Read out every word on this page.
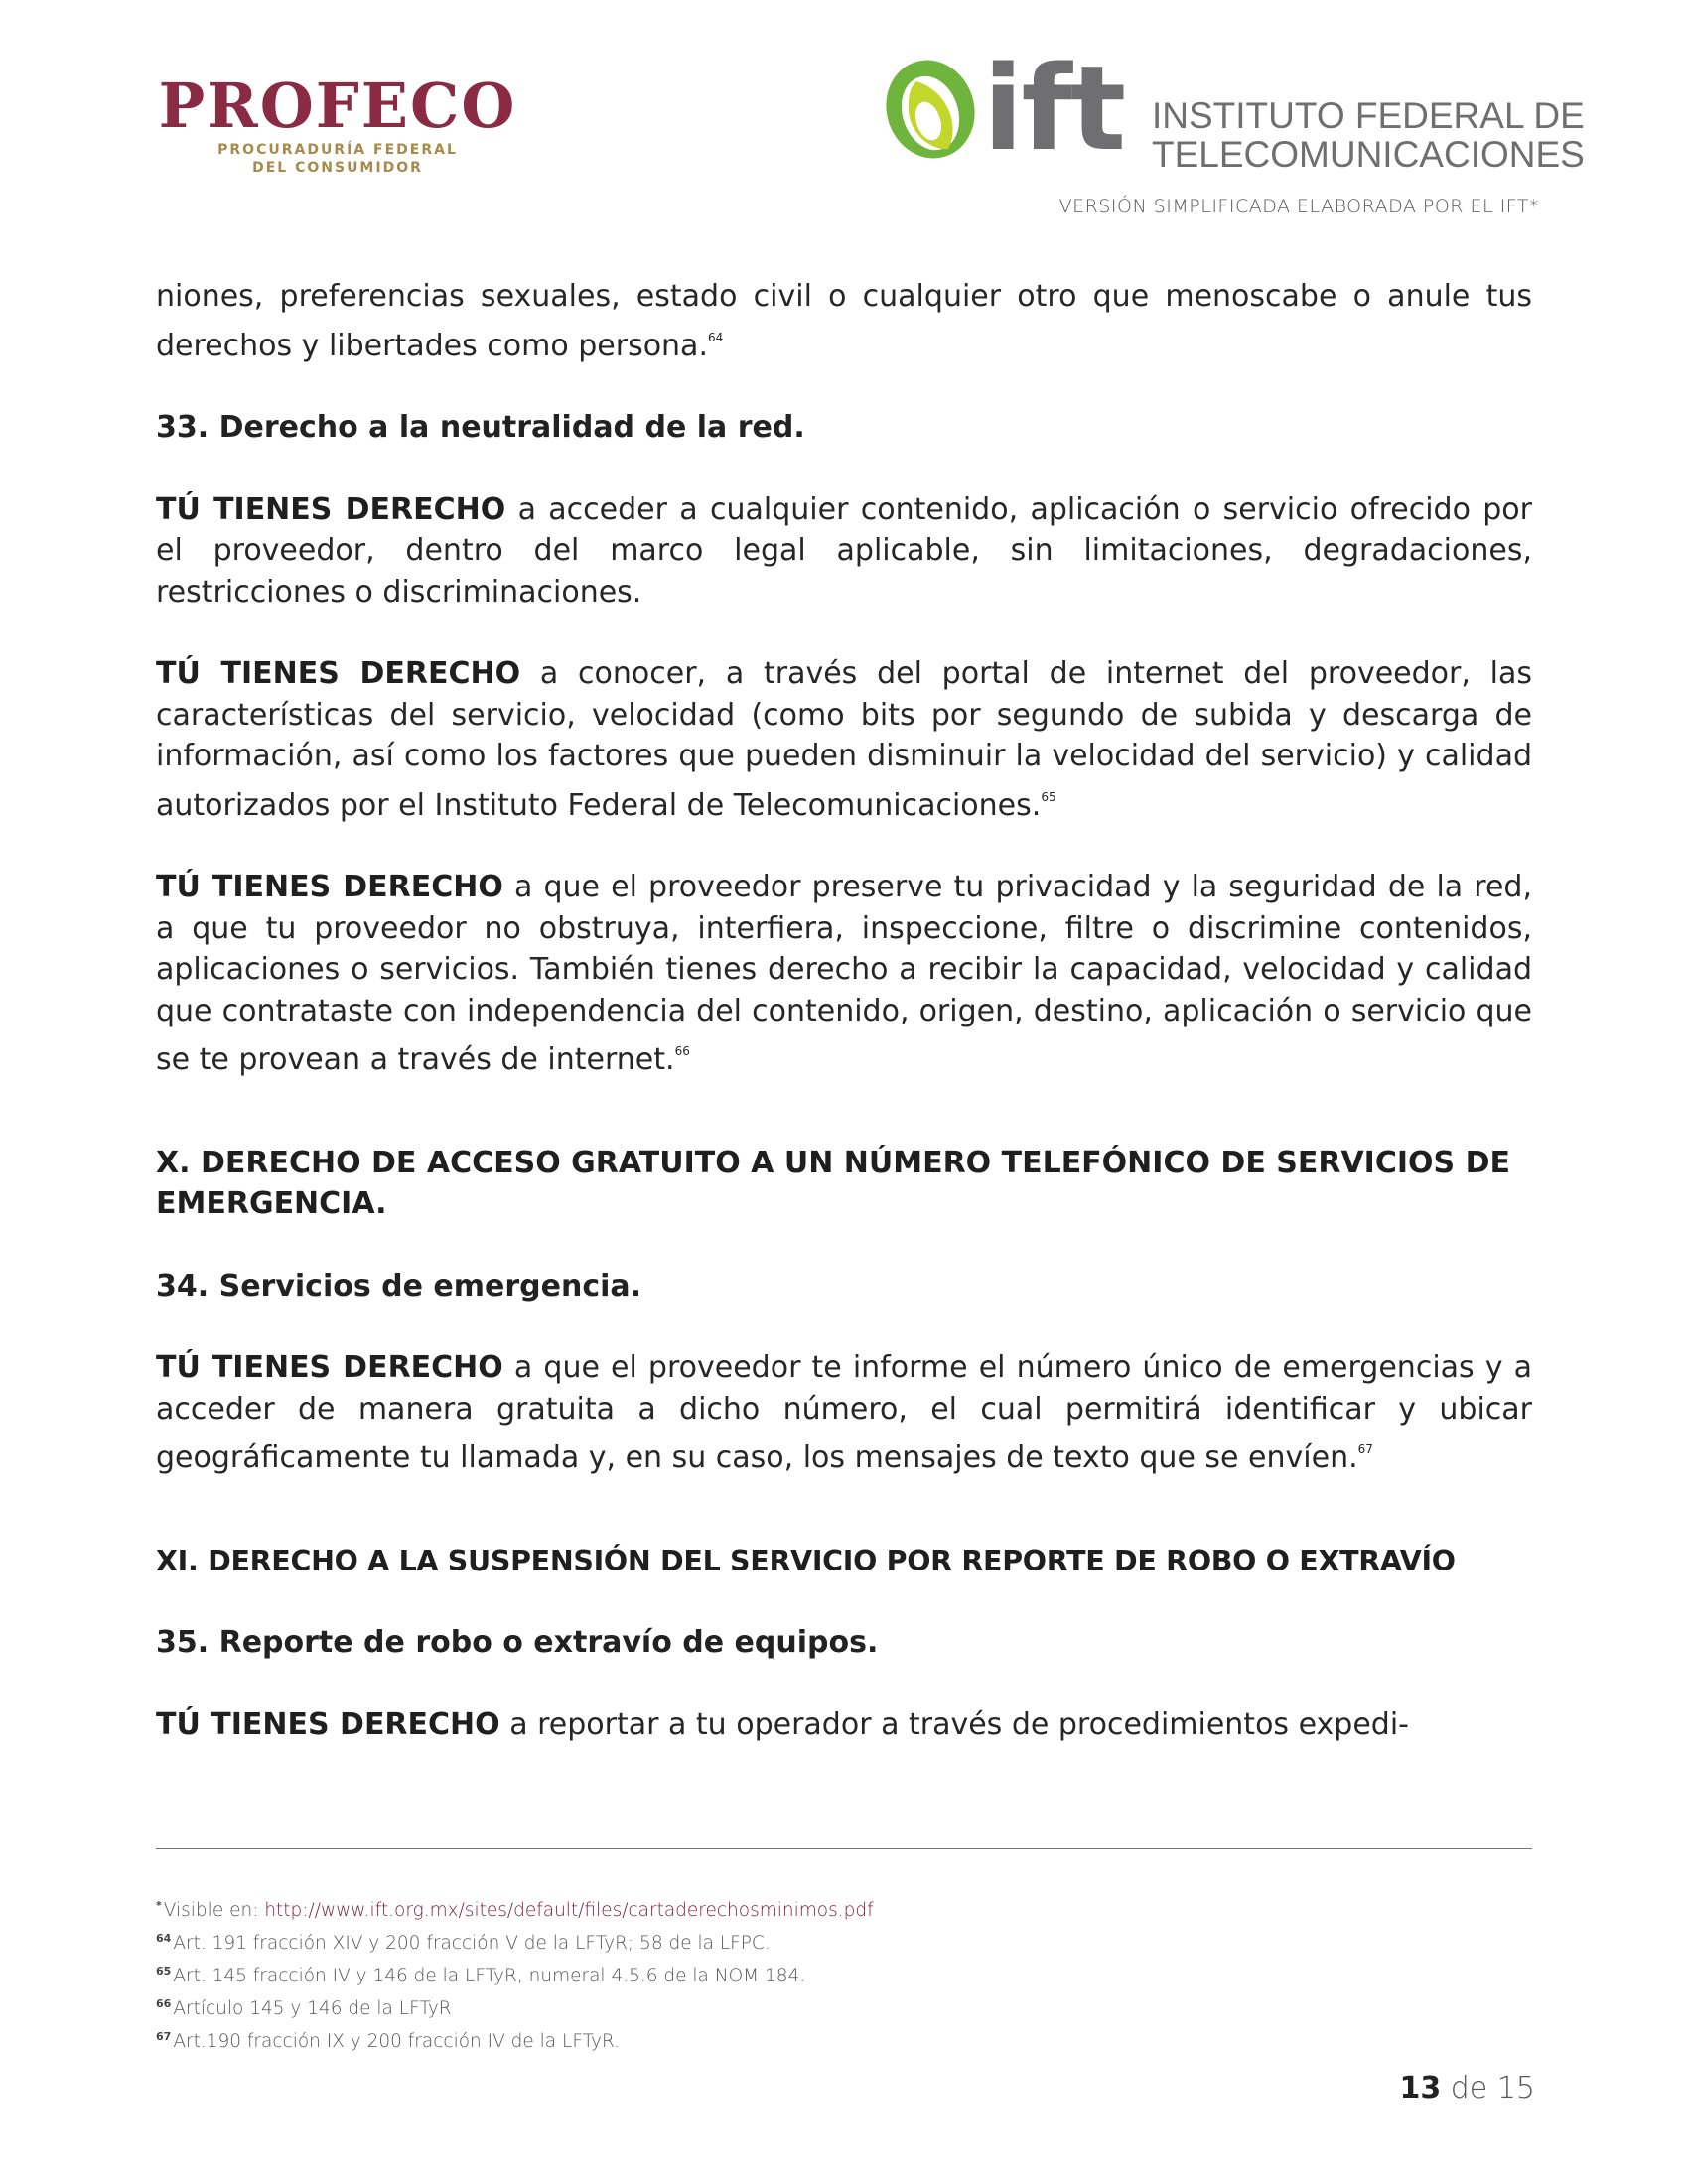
PROFECO
PROCURADURÍA FEDERAL
DEL CONSUMIDOR	ift INSTITUTO FEDERAL DE
TELECOMUNICACIONES
VERSIÓN SIMPLIFICADA ELABORADA POR EL IFT*

niones, preferencias sexuales, estado civil o cualquier otro que menoscabe o anule tus derechos y libertades como persona.$^{64}$

33. Derecho a la neutralidad de la red.

TÚ TIENES DERECHO a acceder a cualquier contenido, aplicación o servicio ofrecido por el proveedor, dentro del marco legal aplicable, sin limitaciones, degradaciones, restricciones o discriminaciones.

TÚ TIENES DERECHO a conocer, a través del portal de internet del proveedor, las características del servicio, velocidad (como bits por segundo de subida y descarga de información, así como los factores que pueden disminuir la velocidad del servicio) y calidad autorizados por el Instituto Federal de Telecomunicaciones.$^{65}$

TÚ TIENES DERECHO a que el proveedor preserve tu privacidad y la seguridad de la red, a que tu proveedor no obstruya, interfiera, inspeccione, filtre o discrimine contenidos, aplicaciones o servicios. También tienes derecho a recibir la capacidad, velocidad y calidad que contrataste con independencia del contenido, origen, destino, aplicación o servicio que se te provean a través de internet.$^{66}$

X. DERECHO DE ACCESO GRATUITO A UN NÚMERO TELEFÓNICO DE SERVICIOS DE EMERGENCIA.
34. Servicios de emergencia.

TÚ TIENES DERECHO a que el proveedor te informe el número único de emergencias y a acceder de manera gratuita a dicho número, el cual permitirá identificar y ubicar geográficamente tu llamada y, en su caso, los mensajes de texto que se envíen.$^{67}$

XI. DERECHO A LA SUSPENSIÓN DEL SERVICIO POR REPORTE DE ROBO O EXTRAVÍO
35. Reporte de robo o extravío de equipos.

TÚ TIENES DERECHO a reportar a tu operador a través de procedimientos expedi-

* Visible en: http://www.ift.org.mx/sites/default/files/cartaderechosminimos.pdf
$^{64}$ Art. 191 fracción XIV y 200 fracción V de la LFTyR; 58 de la LFPC.
$^{65}$ Art. 145 fracción IV y 146 de la LFTyR, numeral 4.5.6 de la NOM 184.
$^{66}$ Artículo 145 y 146 de la LFTyR
$^{67}$ Art.190 fracción IX y 200 fracción IV de la LFTyR.
13 de 15
